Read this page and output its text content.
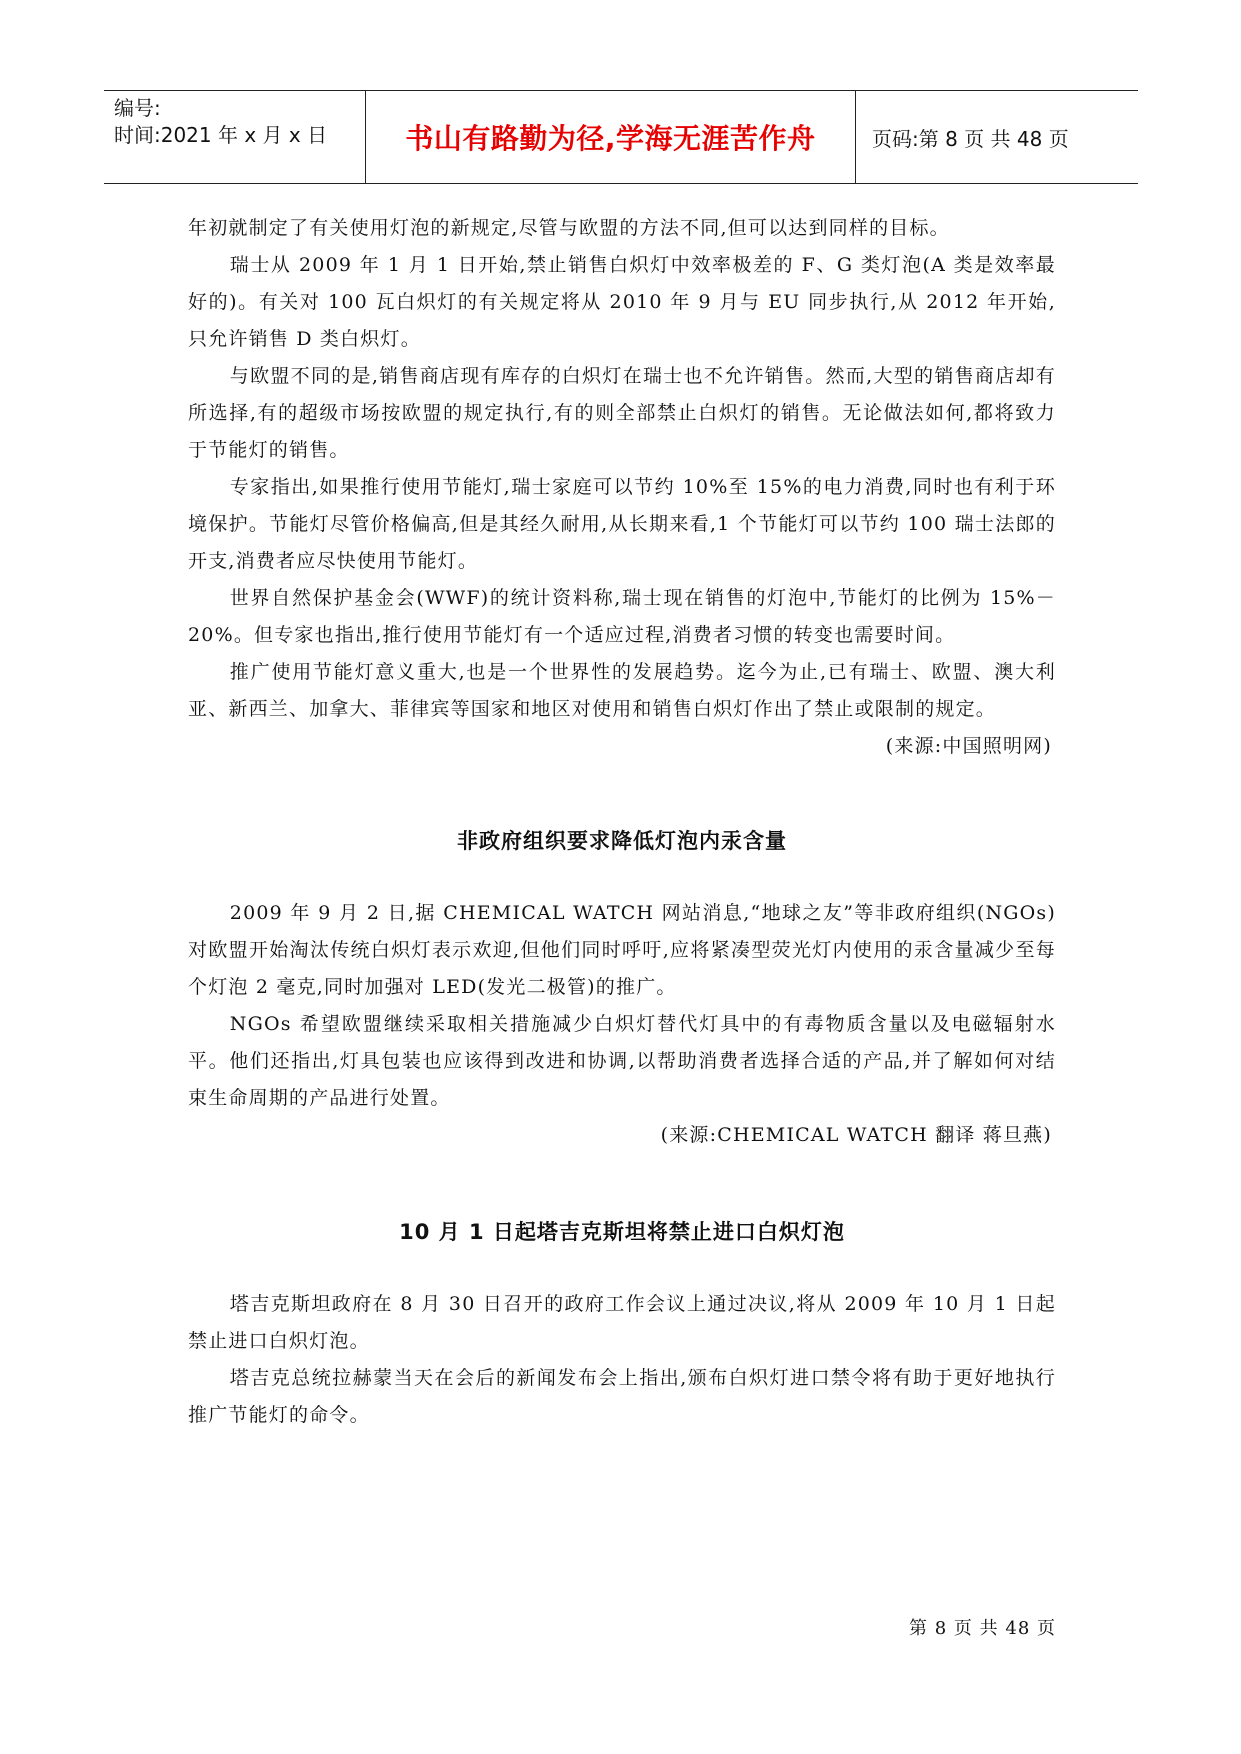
编号:
时间:2021 年 x 月 x 日	书山有路勤为径,学海无涯苦作舟	页码:第 8 页 共 48 页

年初就制定了有关使用灯泡的新规定,尽管与欧盟的方法不同,但可以达到同样的目标。

瑞士从 2009 年 1 月 1 日开始,禁止销售白炽灯中效率极差的 F、G 类灯泡(A 类是效率最好的)。有关对 100 瓦白炽灯的有关规定将从 2010 年 9 月与 EU 同步执行,从 2012 年开始,只允许销售 D 类白炽灯。

与欧盟不同的是,销售商店现有库存的白炽灯在瑞士也不允许销售。然而,大型的销售商店却有所选择,有的超级市场按欧盟的规定执行,有的则全部禁止白炽灯的销售。无论做法如何,都将致力于节能灯的销售。

专家指出,如果推行使用节能灯,瑞士家庭可以节约 10%至 15%的电力消费,同时也有利于环境保护。节能灯尽管价格偏高,但是其经久耐用,从长期来看,1 个节能灯可以节约 100 瑞士法郎的开支,消费者应尽快使用节能灯。

世界自然保护基金会(WWF)的统计资料称,瑞士现在销售的灯泡中,节能灯的比例为 15%－20%。但专家也指出,推行使用节能灯有一个适应过程,消费者习惯的转变也需要时间。

推广使用节能灯意义重大,也是一个世界性的发展趋势。迄今为止,已有瑞士、欧盟、澳大利亚、新西兰、加拿大、菲律宾等国家和地区对使用和销售白炽灯作出了禁止或限制的规定。

(来源:中国照明网)

非政府组织要求降低灯泡内汞含量

2009 年 9 月 2 日,据 CHEMICAL WATCH 网站消息,“地球之友”等非政府组织(NGOs)对欧盟开始淘汰传统白炽灯表示欢迎,但他们同时呼吁,应将紧凑型荧光灯内使用的汞含量减少至每个灯泡 2 毫克,同时加强对 LED(发光二极管)的推广。

NGOs 希望欧盟继续采取相关措施减少白炽灯替代灯具中的有毒物质含量以及电磁辐射水平。他们还指出,灯具包装也应该得到改进和协调,以帮助消费者选择合适的产品,并了解如何对结束生命周期的产品进行处置。

(来源:CHEMICAL WATCH 翻译 蒋旦燕)

10 月 1 日起塔吉克斯坦将禁止进口白炽灯泡

塔吉克斯坦政府在 8 月 30 日召开的政府工作会议上通过决议,将从 2009 年 10 月 1 日起禁止进口白炽灯泡。

塔吉克总统拉赫蒙当天在会后的新闻发布会上指出,颁布白炽灯进口禁令将有助于更好地执行推广节能灯的命令。

第 8 页 共 48 页
